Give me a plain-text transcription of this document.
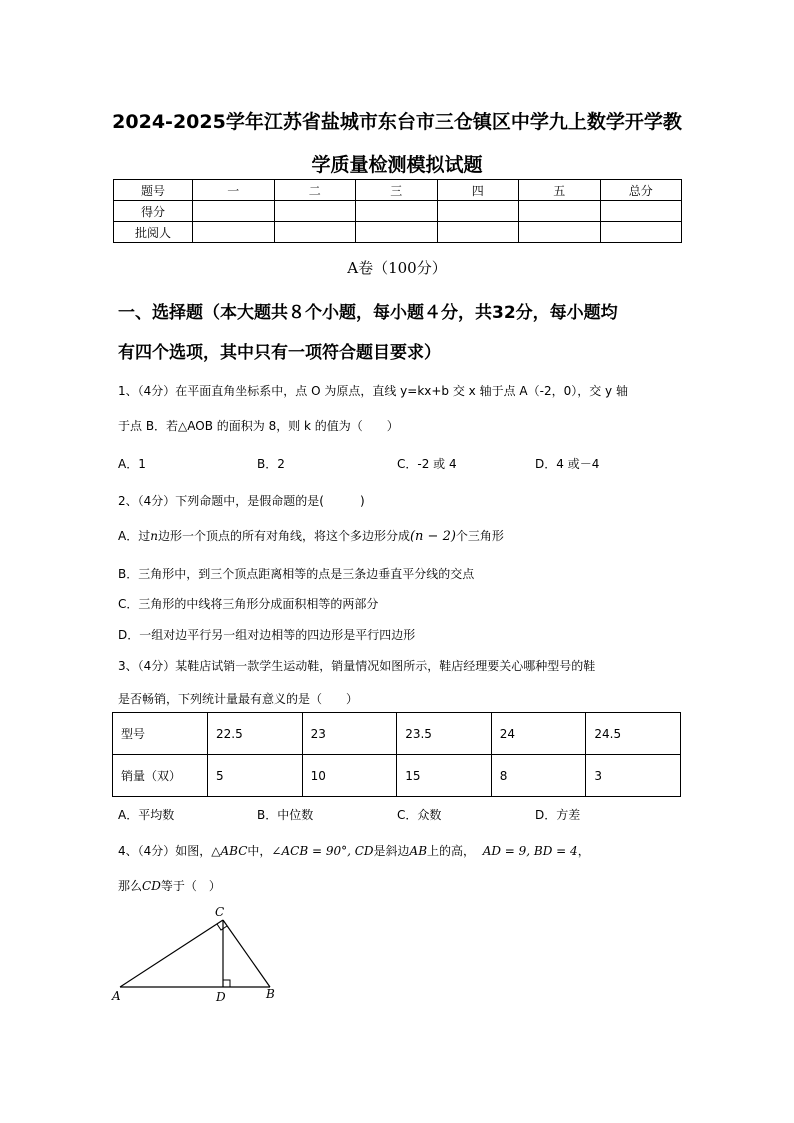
2024-2025学年江苏省盐城市东台市三仓镇区中学九上数学开学教
学质量检测模拟试题
题号	一	二	三	四	五	总分
得分						
批阅人						
A卷（100分）
一、选择题（本大题共８个小题，每小题４分，共32分，每小题均
有四个选项，其中只有一项符合题目要求）
1、（4分）在平面直角坐标系中，点 O 为原点，直线 y=kx+b 交 x 轴于点 A（-2，0），交 y 轴
于点 B．若△AOB 的面积为 8，则 k 的值为（　　）
A．1	B．2	C．-2 或 4	D．4 或－4
2、（4分）下列命题中，是假命题的是(　　　)
A．过n边形一个顶点的所有对角线，将这个多边形分成(n − 2)个三角形
B．三角形中，到三个顶点距离相等的点是三条边垂直平分线的交点
C．三角形的中线将三角形分成面积相等的两部分
D．一组对边平行另一组对边相等的四边形是平行四边形
3、（4分）某鞋店试销一款学生运动鞋，销量情况如图所示，鞋店经理要关心哪种型号的鞋
是否畅销，下列统计量最有意义的是（　　）
型号	22.5	23	23.5	24	24.5
销量（双）	5	10	15	8	3
A．平均数	B．中位数	C．众数	D．方差
4、（4分）如图，△ABC中，∠ACB = 90°, CD是斜边AB上的高， AD = 9, BD = 4，
那么CD等于（　）
A	B
C
D
